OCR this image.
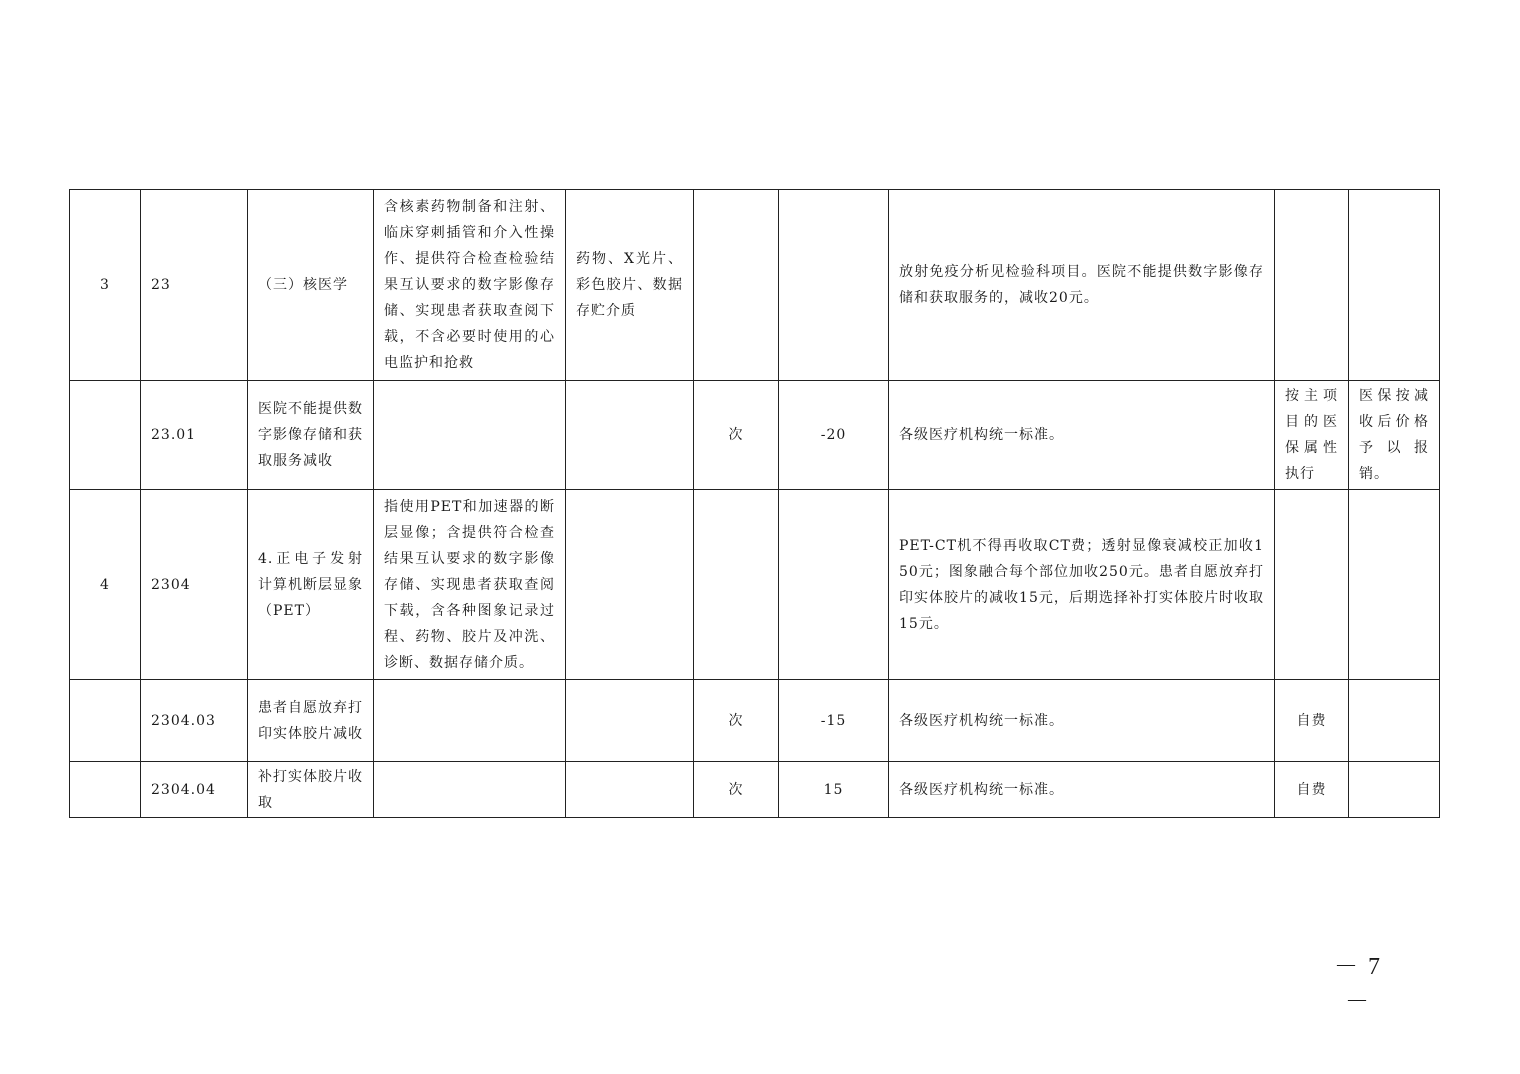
3	23	（三）核医学	含核素药物制备和注射、临床穿刺插管和介入性操作、提供符合检查检验结果互认要求的数字影像存储、实现患者获取查阅下载，不含必要时使用的心电监护和抢救	药物、X光片、彩色胶片、数据存贮介质			放射免疫分析见检验科项目。医院不能提供数字影像存储和获取服务的，减收20元。		
	23.01	医院不能提供数字影像存储和获取服务减收			次	-20	各级医疗机构统一标准。	按主项目的医保属性执行	医保按减收后价格予以报销。
4	2304	4.正电子发射计算机断层显象（PET）	指使用PET和加速器的断层显像；含提供符合检查结果互认要求的数字影像存储、实现患者获取查阅下载，含各种图象记录过程、药物、胶片及冲洗、诊断、数据存储介质。				PET-CT机不得再收取CT费；透射显像衰减校正加收150元；图象融合每个部位加收250元。患者自愿放弃打印实体胶片的减收15元，后期选择补打实体胶片时收取15元。		
	2304.03	患者自愿放弃打印实体胶片减收			次	-15	各级医疗机构统一标准。	自费	
	2304.04	补打实体胶片收取			次	15	各级医疗机构统一标准。	自费	
－ 7 －
